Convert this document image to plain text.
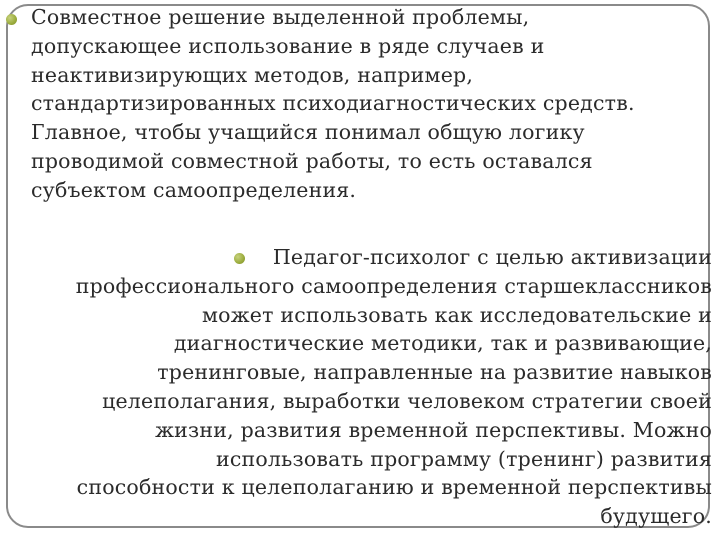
Совместное решение выделенной проблемы,
допускающее использование в ряде случаев и
неактивизирующих методов, например,
стандартизированных психодиагностических средств.
Главное, чтобы учащийся понимал общую логику
проводимой совместной работы, то есть оставался
субъектом самоопределения.
Педагог-психолог с целью активизации
профессионального самоопределения старшеклассников
может использовать как исследовательские и
диагностические методики, так и развивающие,
тренинговые, направленные на развитие навыков
целеполагания, выработки человеком стратегии своей
жизни, развития временной перспективы. Можно
использовать программу (тренинг) развития
способности к целеполаганию и временной перспективы
будущего.
